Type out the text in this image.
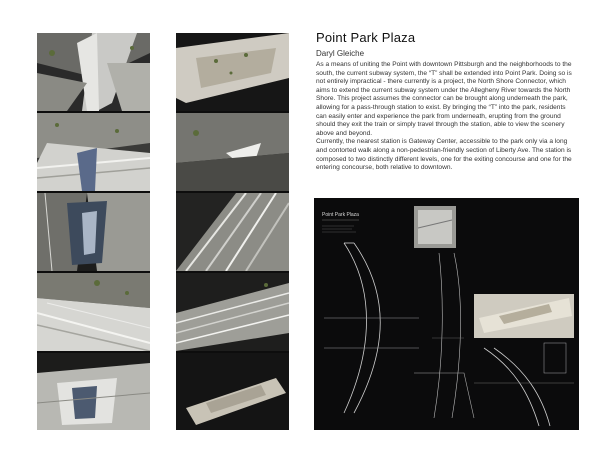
Point Park Plaza
Daryl Gleiche

As a means of uniting the Point with downtown Pittsburgh and the neighborhoods to the south, the current subway system, the “T” shall be extended into Point Park. Doing so is not entirely impractical - there currently is a project, the North Shore Connector, which aims to extend the current subway system under the Allegheny River towards the North Shore. This project assumes the connector can be brought along underneath the park, allowing for a pass-through station to exist. By bringing the “T” into the park, residents can easily enter and experience the park from underneath, erupting from the ground should they exit the train or simply travel through the station, able to view the scenery above and beyond.

Currently, the nearest station is Gateway Center, accessible to the park only via a long and contorted walk along a non-pedestrian-friendly section of Liberty Ave. The station is composed to two distinctly different levels, one for the exiting concourse and one for the entering concourse, both relative to downtown.

Point Park Plaza
